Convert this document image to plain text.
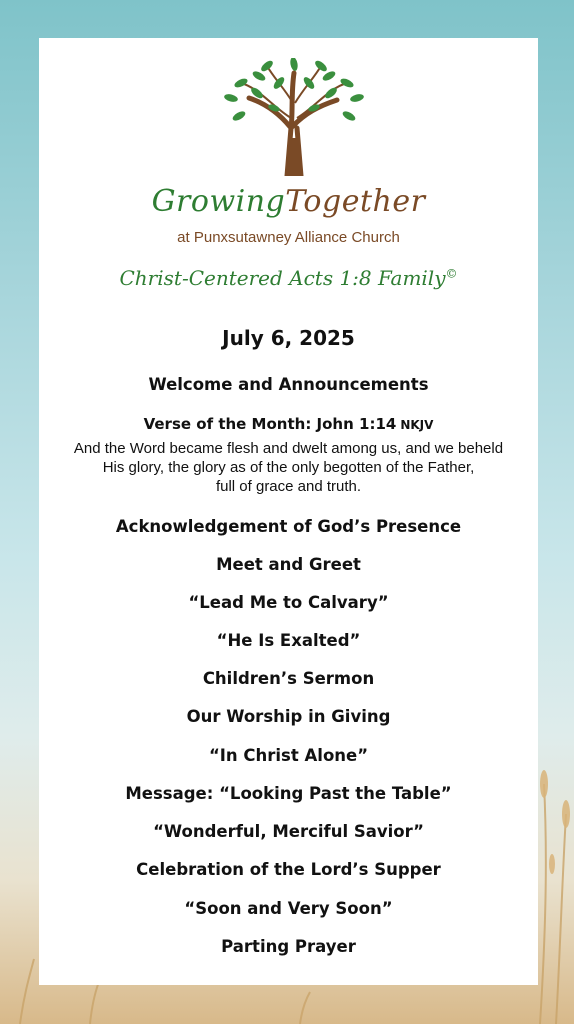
GrowingTogether
at Punxsutawney Alliance Church
Christ-Centered Acts 1:8 Family©
July 6, 2025
Welcome and Announcements
Verse of the Month: John 1:14 NKJV
And the Word became flesh and dwelt among us, and we beheld
His glory, the glory as of the only begotten of the Father,
full of grace and truth.
Acknowledgement of God’s Presence
Meet and Greet
“Lead Me to Calvary”
“He Is Exalted”
Children’s Sermon
Our Worship in Giving
“In Christ Alone”
Message: “Looking Past the Table”
“Wonderful, Merciful Savior”
Celebration of the Lord’s Supper
“Soon and Very Soon”
Parting Prayer
